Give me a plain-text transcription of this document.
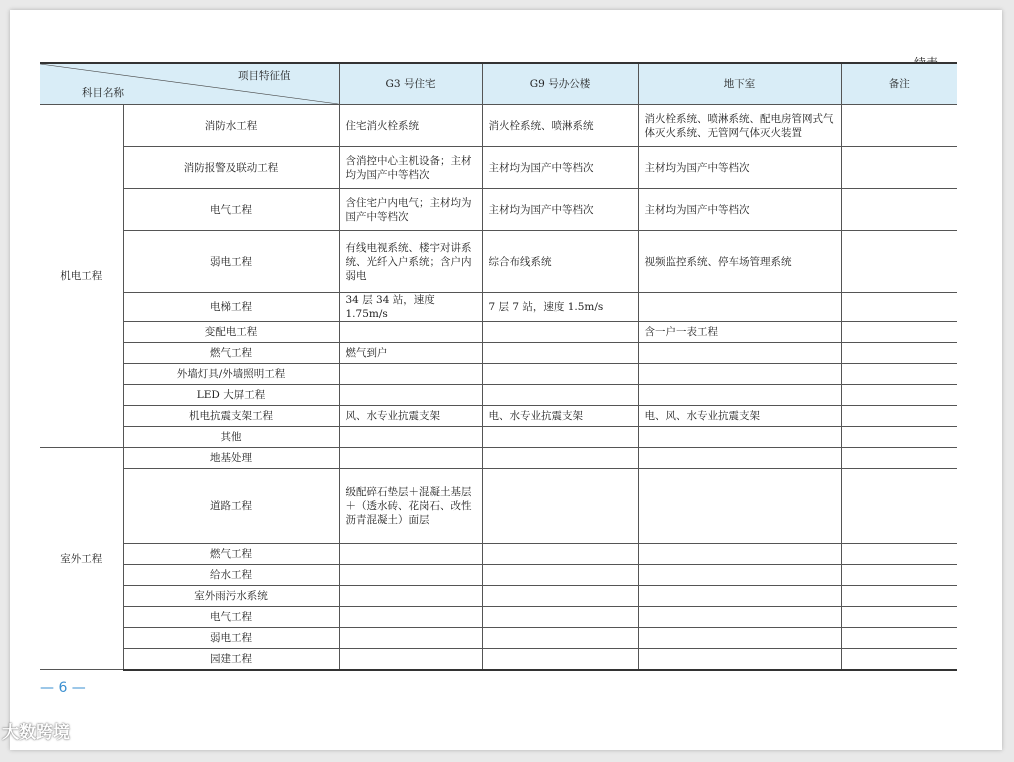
项目特征值
科目名称		G3 号住宅	G9 号办公楼	地下室	备注
机电工程	消防水工程	住宅消火栓系统	消火栓系统、喷淋系统	消火栓系统、喷淋系统、配电房管网式气体灭火系统、无管网气体灭火装置	
	消防报警及联动工程	含消控中心主机设备；主材均为国产中等档次	主材均为国产中等档次	主材均为国产中等档次	
	电气工程	含住宅户内电气；主材均为国产中等档次	主材均为国产中等档次	主材均为国产中等档次	
	弱电工程	有线电视系统、楼宇对讲系统、光纤入户系统；含户内弱电	综合布线系统	视频监控系统、停车场管理系统	
	电梯工程	34 层 34 站，速度 1.75m/s	7 层 7 站，速度 1.5m/s		
	变配电工程			含一户一表工程	
	燃气工程	燃气到户			
	外墙灯具/外墙照明工程				
	LED 大屏工程				
	机电抗震支架工程	风、水专业抗震支架	电、水专业抗震支架	电、风、水专业抗震支架	
	其他				
室外工程	地基处理				
	道路工程	级配碎石垫层＋混凝土基层＋（透水砖、花岗石、改性沥青混凝土）面层			
	燃气工程				
	给水工程				
	室外雨污水系统				
	电气工程				
	弱电工程				
	园建工程				
— 6 —
大数跨境
